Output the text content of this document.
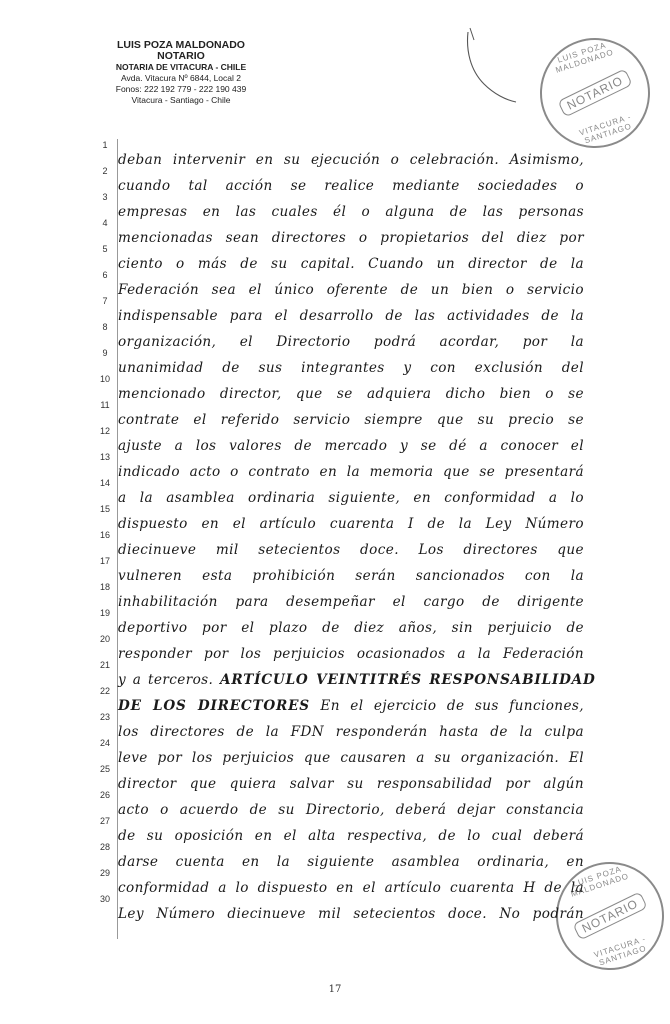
LUIS POZA MALDONADO
NOTARIO
NOTARIA DE VITACURA - CHILE
Avda. Vitacura Nº 6844, Local 2
Fonos: 222 192 779 - 222 190 439
Vitacura - Santiago - Chile
LUIS POZA MALDONADO
NOTARIO
VITACURA - SANTIAGO
LUIS POZA MALDONADO
NOTARIO
VITACURA - SANTIAGO
1
2
3
4
5
6
7
8
9
10
11
12
13
14
15
16
17
18
19
20
21
22
23
24
25
26
27
28
29
30
deban intervenir en su ejecución o celebración. Asimismo,
cuando tal acción se realice mediante sociedades o
empresas en las cuales él o alguna de las personas
mencionadas sean directores o propietarios del diez por
ciento o más de su capital. Cuando un director de la
Federación sea el único oferente de un bien o servicio
indispensable para el desarrollo de las actividades de la
organización, el Directorio podrá acordar, por la
unanimidad de sus integrantes y con exclusión del
mencionado director, que se adquiera dicho bien o se
contrate el referido servicio siempre que su precio se
ajuste a los valores de mercado y se dé a conocer el
indicado acto o contrato en la memoria que se presentará
a la asamblea ordinaria siguiente, en conformidad a lo
dispuesto en el artículo cuarenta I de la Ley Número
diecinueve mil setecientos doce. Los directores que
vulneren esta prohibición serán sancionados con la
inhabilitación para desempeñar el cargo de dirigente
deportivo por el plazo de diez años, sin perjuicio de
responder por los perjuicios ocasionados a la Federación
y a terceros. ARTÍCULO VEINTITRÉS RESPONSABILIDAD
DE LOS DIRECTORES En el ejercicio de sus funciones,
los directores de la FDN responderán hasta de la culpa
leve por los perjuicios que causaren a su organización. El
director que quiera salvar su responsabilidad por algún
acto o acuerdo de su Directorio, deberá dejar constancia
de su oposición en el alta respectiva, de lo cual deberá
darse cuenta en la siguiente asamblea ordinaria, en
conformidad a lo dispuesto en el artículo cuarenta H de la
Ley Número diecinueve mil setecientos doce. No podrán
17
